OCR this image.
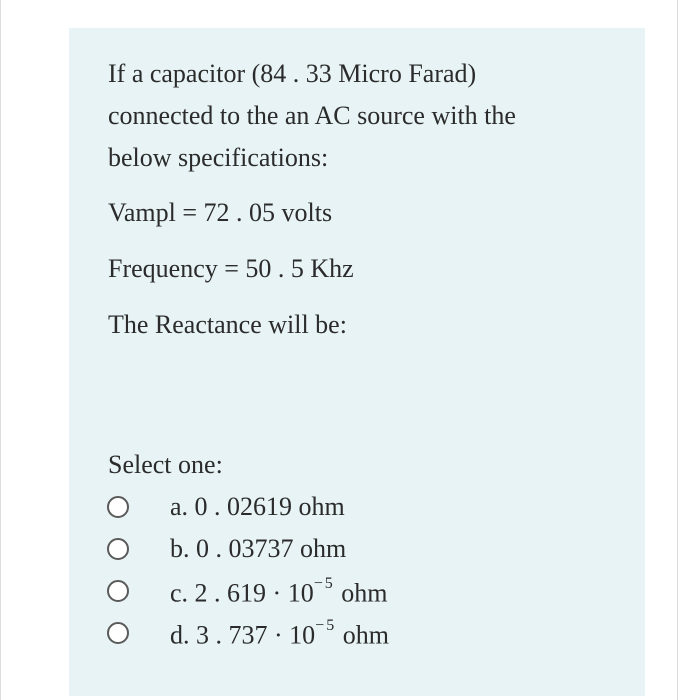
If a capacitor (84 . 33 Micro Farad)

connected to the an AC source with the

below specifications:

Vampl = 72 . 05 volts

Frequency = 50 . 5 Khz

The Reactance will be:

Select one:

a. 0 . 02619 ohm
b. 0 . 03737 ohm
c. 2 . $619 \cdot 10^{-5}$ ohm
d. 3 . $737 \cdot 10^{-5}$ ohm
